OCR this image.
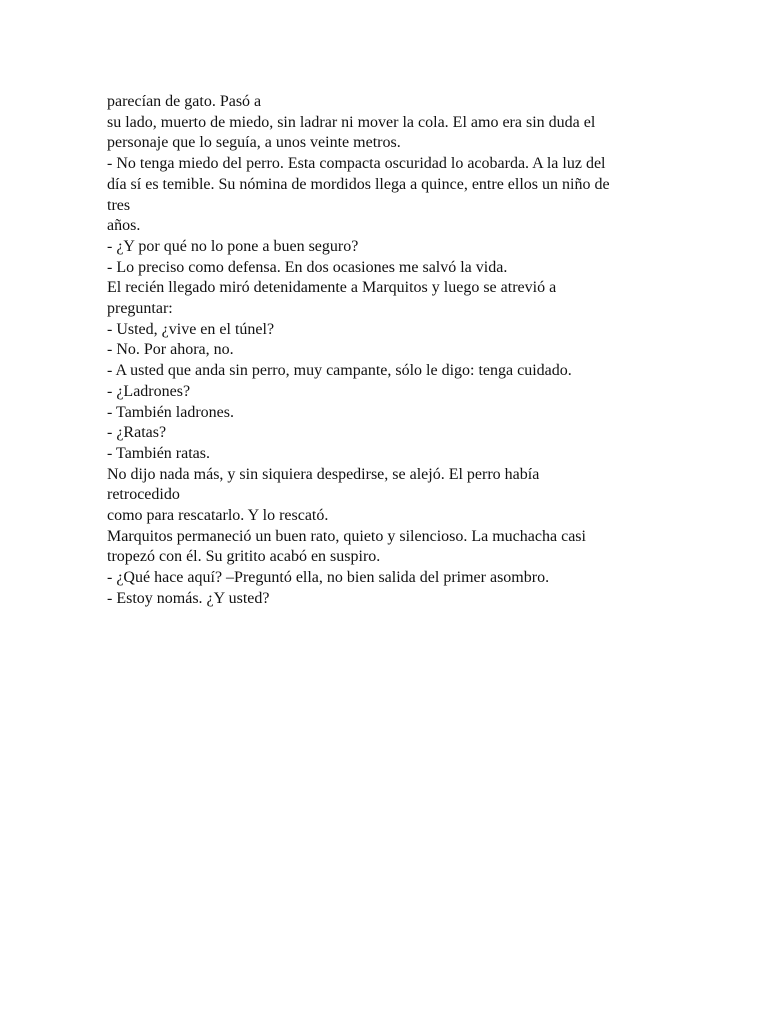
parecían de gato. Pasó a
su lado, muerto de miedo, sin ladrar ni mover la cola. El amo era sin duda el
personaje que lo seguía, a unos veinte metros.
- No tenga miedo del perro. Esta compacta oscuridad lo acobarda. A la luz del
día sí es temible. Su nómina de mordidos llega a quince, entre ellos un niño de
tres
años.
- ¿Y por qué no lo pone a buen seguro?
- Lo preciso como defensa. En dos ocasiones me salvó la vida.
El recién llegado miró detenidamente a Marquitos y luego se atrevió a
preguntar:
- Usted, ¿vive en el túnel?
- No. Por ahora, no.
- A usted que anda sin perro, muy campante, sólo le digo: tenga cuidado.
- ¿Ladrones?
- También ladrones.
- ¿Ratas?
- También ratas.
No dijo nada más, y sin siquiera despedirse, se alejó. El perro había
retrocedido
como para rescatarlo. Y lo rescató.
Marquitos permaneció un buen rato, quieto y silencioso. La muchacha casi
tropezó con él. Su gritito acabó en suspiro.
- ¿Qué hace aquí? –Preguntó ella, no bien salida del primer asombro.
- Estoy nomás. ¿Y usted?
